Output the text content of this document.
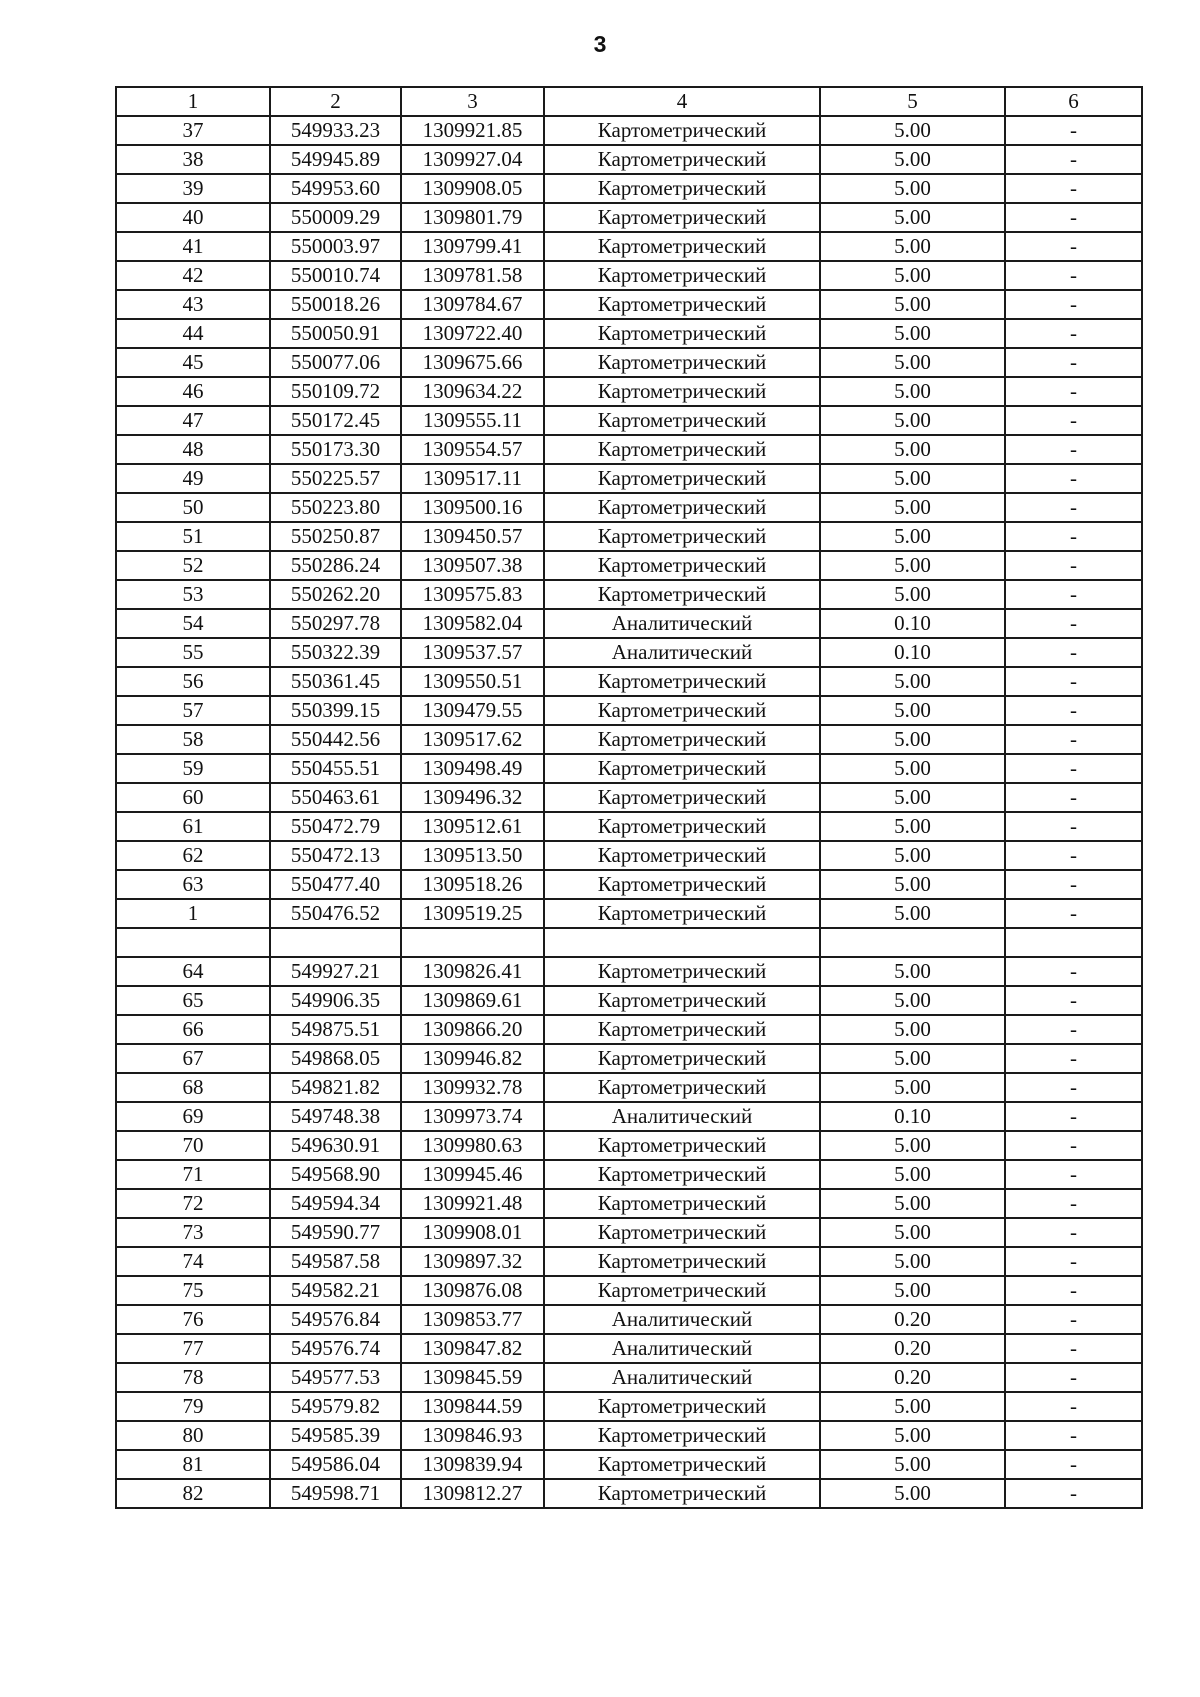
3
1	2	3	4	5	6
37	549933.23	1309921.85	Картометрический	5.00	-
38	549945.89	1309927.04	Картометрический	5.00	-
39	549953.60	1309908.05	Картометрический	5.00	-
40	550009.29	1309801.79	Картометрический	5.00	-
41	550003.97	1309799.41	Картометрический	5.00	-
42	550010.74	1309781.58	Картометрический	5.00	-
43	550018.26	1309784.67	Картометрический	5.00	-
44	550050.91	1309722.40	Картометрический	5.00	-
45	550077.06	1309675.66	Картометрический	5.00	-
46	550109.72	1309634.22	Картометрический	5.00	-
47	550172.45	1309555.11	Картометрический	5.00	-
48	550173.30	1309554.57	Картометрический	5.00	-
49	550225.57	1309517.11	Картометрический	5.00	-
50	550223.80	1309500.16	Картометрический	5.00	-
51	550250.87	1309450.57	Картометрический	5.00	-
52	550286.24	1309507.38	Картометрический	5.00	-
53	550262.20	1309575.83	Картометрический	5.00	-
54	550297.78	1309582.04	Аналитический	0.10	-
55	550322.39	1309537.57	Аналитический	0.10	-
56	550361.45	1309550.51	Картометрический	5.00	-
57	550399.15	1309479.55	Картометрический	5.00	-
58	550442.56	1309517.62	Картометрический	5.00	-
59	550455.51	1309498.49	Картометрический	5.00	-
60	550463.61	1309496.32	Картометрический	5.00	-
61	550472.79	1309512.61	Картометрический	5.00	-
62	550472.13	1309513.50	Картометрический	5.00	-
63	550477.40	1309518.26	Картометрический	5.00	-
1	550476.52	1309519.25	Картометрический	5.00	-

64	549927.21	1309826.41	Картометрический	5.00	-
65	549906.35	1309869.61	Картометрический	5.00	-
66	549875.51	1309866.20	Картометрический	5.00	-
67	549868.05	1309946.82	Картометрический	5.00	-
68	549821.82	1309932.78	Картометрический	5.00	-
69	549748.38	1309973.74	Аналитический	0.10	-
70	549630.91	1309980.63	Картометрический	5.00	-
71	549568.90	1309945.46	Картометрический	5.00	-
72	549594.34	1309921.48	Картометрический	5.00	-
73	549590.77	1309908.01	Картометрический	5.00	-
74	549587.58	1309897.32	Картометрический	5.00	-
75	549582.21	1309876.08	Картометрический	5.00	-
76	549576.84	1309853.77	Аналитический	0.20	-
77	549576.74	1309847.82	Аналитический	0.20	-
78	549577.53	1309845.59	Аналитический	0.20	-
79	549579.82	1309844.59	Картометрический	5.00	-
80	549585.39	1309846.93	Картометрический	5.00	-
81	549586.04	1309839.94	Картометрический	5.00	-
82	549598.71	1309812.27	Картометрический	5.00	-
